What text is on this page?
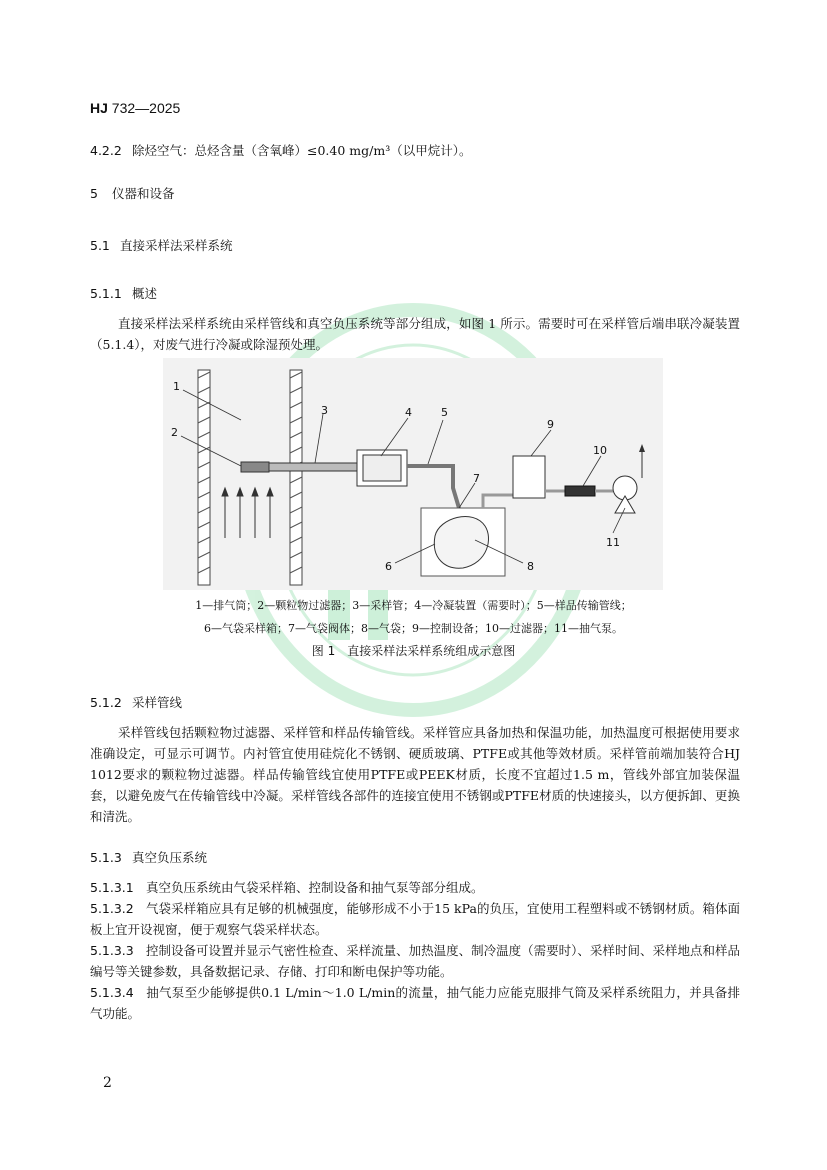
HJ 732—2025
4.2.2 除烃空气：总烃含量（含氧峰）≤0.40 mg/m³（以甲烷计）。
5 仪器和设备
5.1 直接采样法采样系统
5.1.1 概述
直接采样法采样系统由采样管线和真空负压系统等部分组成，如图 1 所示。需要时可在采样管后端串联冷凝装置（5.1.4），对废气进行冷凝或除湿预处理。
1
2
3	4	5
6
7
8
9
10
11
1—排气筒；2—颗粒物过滤器；3—采样管；4—冷凝装置（需要时）；5—样品传输管线；
6—气袋采样箱；7—气袋阀体；8—气袋；9—控制设备；10—过滤器；11—抽气泵。
图 1　直接采样法采样系统组成示意图
5.1.2 采样管线
采样管线包括颗粒物过滤器、采样管和样品传输管线。采样管应具备加热和保温功能，加热温度可根据使用要求准确设定，可显示可调节。内衬管宜使用硅烷化不锈钢、硬质玻璃、PTFE或其他等效材质。采样管前端加装符合HJ 1012要求的颗粒物过滤器。样品传输管线宜使用PTFE或PEEK材质，长度不宜超过1.5 m，管线外部宜加装保温套，以避免废气在传输管线中冷凝。采样管线各部件的连接宜使用不锈钢或PTFE材质的快速接头，以方便拆卸、更换和清洗。
5.1.3 真空负压系统
5.1.3.1 真空负压系统由气袋采样箱、控制设备和抽气泵等部分组成。
5.1.3.2 气袋采样箱应具有足够的机械强度，能够形成不小于15 kPa的负压，宜使用工程塑料或不锈钢材质。箱体面板上宜开设视窗，便于观察气袋采样状态。
5.1.3.3 控制设备可设置并显示气密性检查、采样流量、加热温度、制冷温度（需要时）、采样时间、采样地点和样品编号等关键参数，具备数据记录、存储、打印和断电保护等功能。
5.1.3.4 抽气泵至少能够提供0.1 L/min～1.0 L/min的流量，抽气能力应能克服排气筒及采样系统阻力，并具备排气功能。
2
